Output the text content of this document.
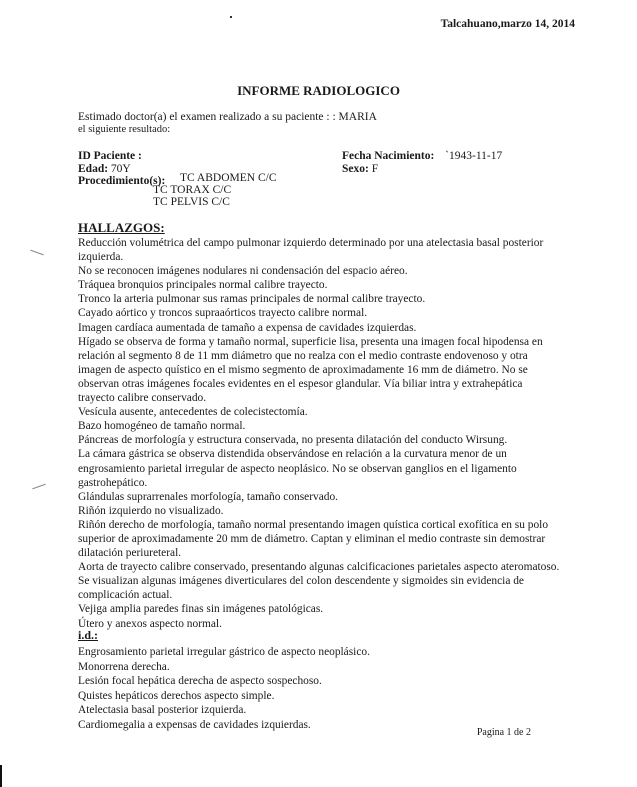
Talcahuano,marzo 14, 2014
INFORME RADIOLOGICO
Estimado doctor(a) el examen realizado a su paciente : : MARIA
el siguiente resultado:
ID Paciente :
Edad: 70Y
Procedimiento(s): TC ABDOMEN C/C
TC TORAX C/C
TC PELVIS C/C
Fecha Nacimiento: `1943-11-17
Sexo: F
HALLAZGOS:
Reducción volumétrica del campo pulmonar izquierdo determinado por una atelectasia basal posterior
izquierda.
No se reconocen imágenes nodulares ni condensación del espacio aéreo.
Tráquea bronquios principales normal calibre trayecto.
Tronco la arteria pulmonar sus ramas principales de normal calibre trayecto.
Cayado aórtico y troncos supraaórticos trayecto calibre normal.
Imagen cardíaca aumentada de tamaño a expensa de cavidades izquierdas.
Hígado se observa de forma y tamaño normal, superficie lisa, presenta una imagen focal hipodensa en
relación al segmento 8 de 11 mm diámetro que no realza con el medio contraste endovenoso y otra
imagen de aspecto quístico en el mismo segmento de aproximadamente 16 mm de diámetro. No se
observan otras imágenes focales evidentes en el espesor glandular. Vía biliar intra y extrahepática
trayecto calibre conservado.
Vesícula ausente, antecedentes de colecistectomía.
Bazo homogéneo de tamaño normal.
Páncreas de morfología y estructura conservada, no presenta dilatación del conducto Wirsung.
La cámara gástrica se observa distendida observándose en relación a la curvatura menor de un
engrosamiento parietal irregular de aspecto neoplásico. No se observan ganglios en el ligamento
gastrohepático.
Glándulas suprarrenales morfología, tamaño conservado.
Riñón izquierdo no visualizado.
Riñón derecho de morfología, tamaño normal presentando imagen quística cortical exofítica en su polo
superior de aproximadamente 20 mm de diámetro. Captan y eliminan el medio contraste sin demostrar
dilatación periureteral.
Aorta de trayecto calibre conservado, presentando algunas calcificaciones parietales aspecto ateromatoso.
Se visualizan algunas imágenes diverticulares del colon descendente y sigmoides sin evidencia de
complicación actual.
Vejiga amplia paredes finas sin imágenes patológicas.
Útero y anexos aspecto normal.
i.d.:
Engrosamiento parietal irregular gástrico de aspecto neoplásico.
Monorrena derecha.
Lesión focal hepática derecha de aspecto sospechoso.
Quistes hepáticos derechos aspecto simple.
Atelectasia basal posterior izquierda.
Cardiomegalia a expensas de cavidades izquierdas.
Pagina 1 de 2
